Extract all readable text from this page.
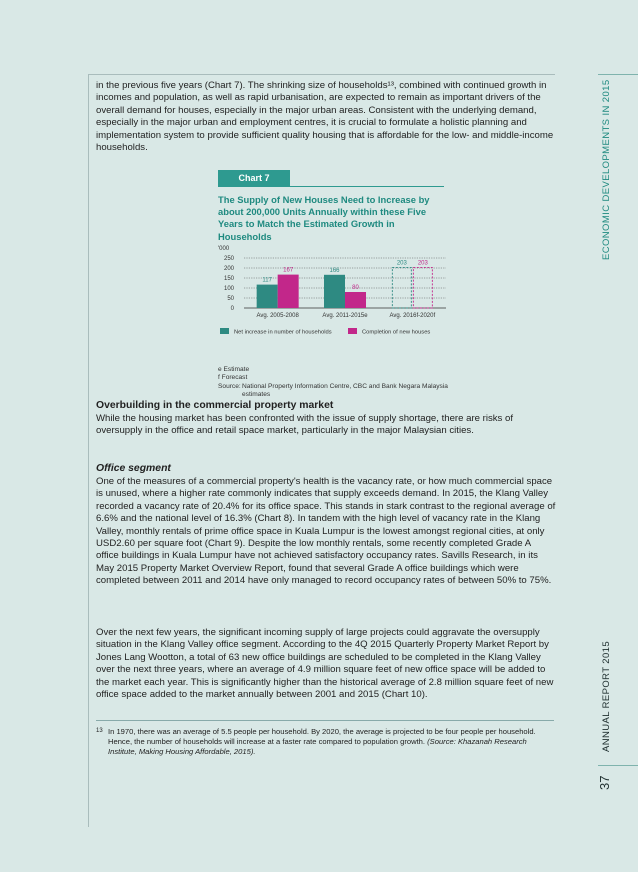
ECONOMIC DEVELOPMENTS IN 2015
ANNUAL REPORT 2015
37

in the previous five years (Chart 7). The shrinking size of households¹³, combined with continued growth in incomes and population, as well as rapid urbanisation, are expected to remain as important drivers of the overall demand for houses, especially in the major urban areas. Consistent with the underlying demand, especially in the major urban and employment centres, it is crucial to formulate a holistic planning and implementation system to provide sufficient quality housing that is affordable for the low- and middle-income households.

Chart 7

The Supply of New Houses Need to Increase by about 200,000 Units Annually within these Five Years to Match the Estimated Growth in Households

'000
0
50
100
150
200
250
117
167
Avg. 2005-2008
166
80
Avg. 2011-2015e
203 203
Avg. 2016f-2020f
Net increase in number of households	Completion of new houses
e Estimate
f Forecast
Source: National Property Information Centre, CBC and Bank Negara Malaysia estimates

Overbuilding in the commercial property market

While the housing market has been confronted with the issue of supply shortage, there are risks of oversupply in the office and retail space market, particularly in the major Malaysian cities.

Office segment

One of the measures of a commercial property's health is the vacancy rate, or how much commercial space is unused, where a higher rate commonly indicates that supply exceeds demand. In 2015, the Klang Valley recorded a vacancy rate of 20.4% for its office space. This stands in stark contrast to the regional average of 6.6% and the national level of 16.3% (Chart 8). In tandem with the high level of vacancy rate in the Klang Valley, monthly rentals of prime office space in Kuala Lumpur is the lowest amongst regional cities, at only USD2.60 per square foot (Chart 9). Despite the low monthly rentals, some recently completed Grade A office buildings in Kuala Lumpur have not achieved satisfactory occupancy rates. Savills Research, in its May 2015 Property Market Overview Report, found that several Grade A office buildings which were completed between 2011 and 2014 have only managed to record occupancy rates of between 50% to 75%.

Over the next few years, the significant incoming supply of large projects could aggravate the oversupply situation in the Klang Valley office segment. According to the 4Q 2015 Quarterly Property Market Report by Jones Lang Wootton, a total of 63 new office buildings are scheduled to be completed in the Klang Valley over the next three years, where an average of 4.9 million square feet of new office space will be added to the market each year. This is significantly higher than the historical average of 2.8 million square feet of new office space added to the market annually between 2001 and 2015 (Chart 10).

13 In 1970, there was an average of 5.5 people per household. By 2020, the average is projected to be four people per household. Hence, the number of households will increase at a faster rate compared to population growth. (Source: Khazanah Research Institute, Making Housing Affordable, 2015).
